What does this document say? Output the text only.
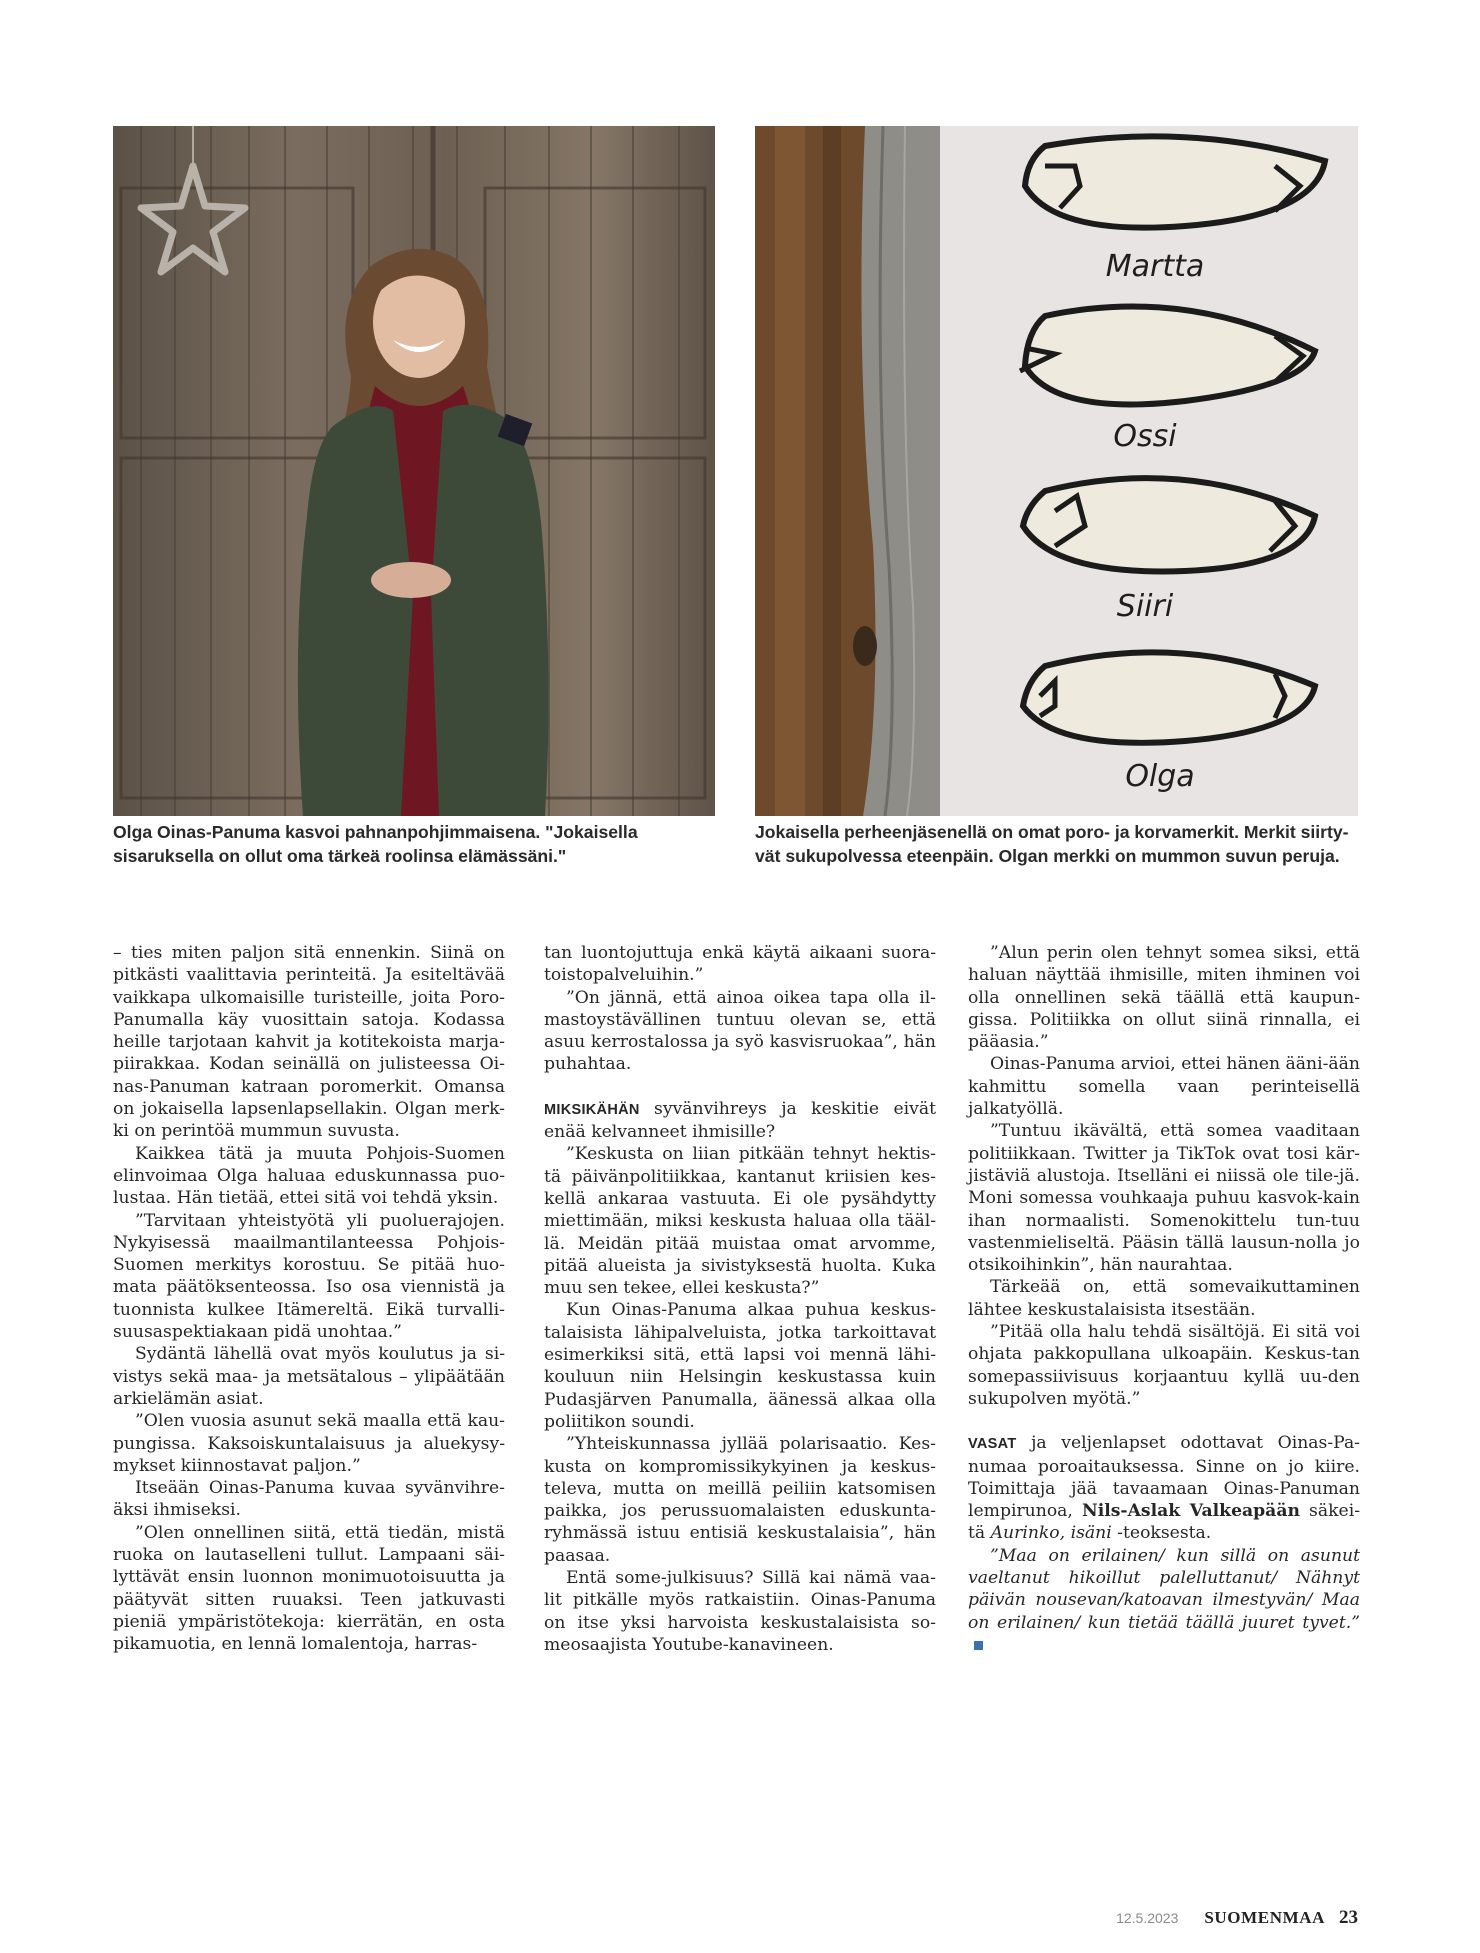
Martta
Ossi
Siiri
Olga
Olga Oinas-Panuma kasvoi pahnanpohjimmaisena. "Jokaisella sisaruksella on ollut oma tärkeä roolinsa elämässäni."
Jokaisella perheenjäsenellä on omat poro- ja korvamerkit. Merkit siirty-vät sukupolvessa eteenpäin. Olgan merkki on mummon suvun peruja.

– ties miten paljon sitä ennenkin. Siinä on pitkästi vaalittavia perinteitä. Ja esiteltävää vaikkapa ulkomaisille turisteille, joita Poro-Panumalla käy vuosittain satoja. Kodassa heille tarjotaan kahvit ja kotitekoista marja-piirakkaa. Kodan seinällä on julisteessa Oi-nas-Panuman katraan poromerkit. Omansa on jokaisella lapsenlapsellakin. Olgan merk-ki on perintöä mummun suvusta.

Kaikkea tätä ja muuta Pohjois-Suomen elinvoimaa Olga haluaa eduskunnassa puo-lustaa. Hän tietää, ettei sitä voi tehdä yksin.

”Tarvitaan yhteistyötä yli puoluerajojen. Nykyisessä maailmantilanteessa Pohjois-Suomen merkitys korostuu. Se pitää huo-mata päätöksenteossa. Iso osa viennistä ja tuonnista kulkee Itämereltä. Eikä turvalli-suusaspektiakaan pidä unohtaa.”

Sydäntä lähellä ovat myös koulutus ja si-vistys sekä maa- ja metsätalous – ylipäätään arkielämän asiat.

”Olen vuosia asunut sekä maalla että kau-pungissa. Kaksoiskuntalaisuus ja aluekysy-mykset kiinnostavat paljon.”

Itseään Oinas-Panuma kuvaa syvänvihre-äksi ihmiseksi.

”Olen onnellinen siitä, että tiedän, mistä ruoka on lautaselleni tullut. Lampaani säi-lyttävät ensin luonnon monimuotoisuutta ja päätyvät sitten ruuaksi. Teen jatkuvasti pieniä ympäristötekoja: kierrätän, en osta pikamuotia, en lennä lomalentoja, harras-

tan luontojuttuja enkä käytä aikaani suora-toistopalveluihin.”

”On jännä, että ainoa oikea tapa olla il-mastoystävällinen tuntuu olevan se, että asuu kerrostalossa ja syö kasvisruokaa”, hän puhahtaa.

MIKSIKÄHÄN syvänvihreys ja keskitie eivät enää kelvanneet ihmisille?

”Keskusta on liian pitkään tehnyt hektis-tä päivänpolitiikkaa, kantanut kriisien kes-kellä ankaraa vastuuta. Ei ole pysähdytty miettimään, miksi keskusta haluaa olla tääl-lä. Meidän pitää muistaa omat arvomme, pitää alueista ja sivistyksestä huolta. Kuka muu sen tekee, ellei keskusta?”

Kun Oinas-Panuma alkaa puhua keskus-talaisista lähipalveluista, jotka tarkoittavat esimerkiksi sitä, että lapsi voi mennä lähi-kouluun niin Helsingin keskustassa kuin Pudasjärven Panumalla, äänessä alkaa olla poliitikon soundi.

”Yhteiskunnassa jyllää polarisaatio. Kes-kusta on kompromissikykyinen ja keskus-televa, mutta on meillä peiliin katsomisen paikka, jos perussuomalaisten eduskunta-ryhmässä istuu entisiä keskustalaisia”, hän paasaa.

Entä some-julkisuus? Sillä kai nämä vaa-lit pitkälle myös ratkaistiin. Oinas-Panuma on itse yksi harvoista keskustalaisista so-meosaajista Youtube-kanavineen.

”Alun perin olen tehnyt somea siksi, että haluan näyttää ihmisille, miten ihminen voi olla onnellinen sekä täällä että kaupun-gissa. Politiikka on ollut siinä rinnalla, ei pääasia.”

Oinas-Panuma arvioi, ettei hänen ääni-ään kahmittu somella vaan perinteisellä jalkatyöllä.

”Tuntuu ikävältä, että somea vaaditaan politiikkaan. Twitter ja TikTok ovat tosi kär-jistäviä alustoja. Itselläni ei niissä ole tile-jä. Moni somessa vouhkaaja puhuu kasvok-kain ihan normaalisti. Somenokittelu tun-tuu vastenmieliseltä. Pääsin tällä lausun-nolla jo otsikoihinkin”, hän naurahtaa.

Tärkeää on, että somevaikuttaminen lähtee keskustalaisista itsestään.

”Pitää olla halu tehdä sisältöjä. Ei sitä voi ohjata pakkopullana ulkoapäin. Keskus-tan somepassiivisuus korjaantuu kyllä uu-den sukupolven myötä.”

VASAT ja veljenlapset odottavat Oinas-Pa-numaa poroaitauksessa. Sinne on jo kiire. Toimittaja jää tavaamaan Oinas-Panuman lempirunoa, Nils-Aslak Valkeapään säkei-tä Aurinko, isäni -teoksesta.

”Maa on erilainen/ kun sillä on asunut vaeltanut hikoillut palelluttanut/ Nähnyt päivän nousevan/katoavan ilmestyvän/ Maa on erilainen/ kun tietää täällä juuret tyvet.”

12.5.2023 SUOMENMAA 23
